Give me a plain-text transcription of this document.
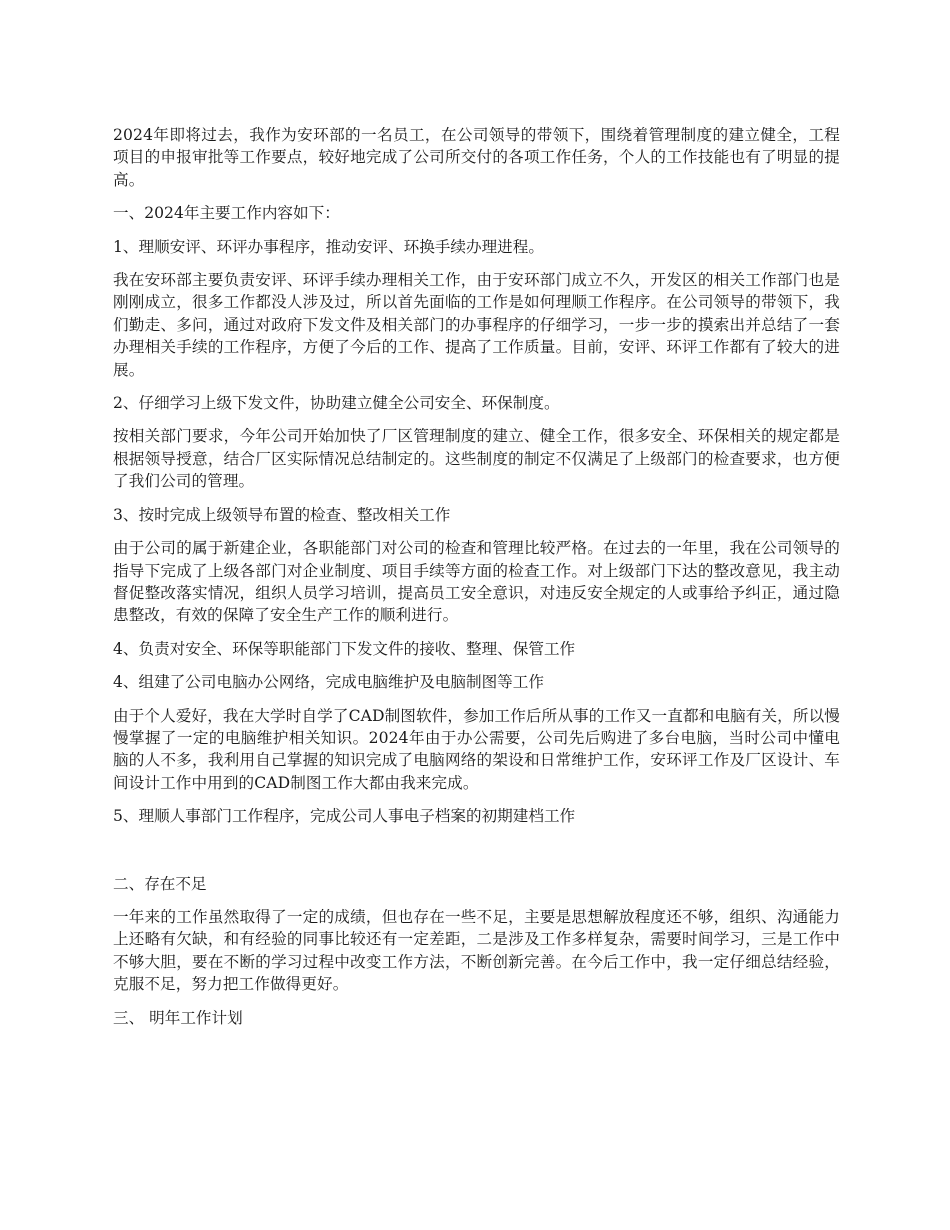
2024年即将过去，我作为安环部的一名员工，在公司领导的带领下，围绕着管理制度的建立健全，工程项目的申报审批等工作要点，较好地完成了公司所交付的各项工作任务，个人的工作技能也有了明显的提高。

一、2024年主要工作内容如下：

1、理顺安评、环评办事程序，推动安评、环换手续办理进程。

我在安环部主要负责安评、环评手续办理相关工作，由于安环部门成立不久，开发区的相关工作部门也是刚刚成立，很多工作都没人涉及过，所以首先面临的工作是如何理顺工作程序。在公司领导的带领下，我们勤走、多问，通过对政府下发文件及相关部门的办事程序的仔细学习，一步一步的摸索出并总结了一套办理相关手续的工作程序，方便了今后的工作、提高了工作质量。目前，安评、环评工作都有了较大的进展。

2、仔细学习上级下发文件，协助建立健全公司安全、环保制度。

按相关部门要求，今年公司开始加快了厂区管理制度的建立、健全工作，很多安全、环保相关的规定都是根据领导授意，结合厂区实际情况总结制定的。这些制度的制定不仅满足了上级部门的检查要求，也方便了我们公司的管理。

3、按时完成上级领导布置的检查、整改相关工作

由于公司的属于新建企业，各职能部门对公司的检查和管理比较严格。在过去的一年里，我在公司领导的指导下完成了上级各部门对企业制度、项目手续等方面的检查工作。对上级部门下达的整改意见，我主动督促整改落实情况，组织人员学习培训，提高员工安全意识，对违反安全规定的人或事给予纠正，通过隐患整改，有效的保障了安全生产工作的顺利进行。

4、负责对安全、环保等职能部门下发文件的接收、整理、保管工作

4、组建了公司电脑办公网络，完成电脑维护及电脑制图等工作

由于个人爱好，我在大学时自学了CAD制图软件，参加工作后所从事的工作又一直都和电脑有关，所以慢慢掌握了一定的电脑维护相关知识。2024年由于办公需要，公司先后购进了多台电脑，当时公司中懂电脑的人不多，我利用自己掌握的知识完成了电脑网络的架设和日常维护工作，安环评工作及厂区设计、车间设计工作中用到的CAD制图工作大都由我来完成。

5、理顺人事部门工作程序，完成公司人事电子档案的初期建档工作

二、存在不足

一年来的工作虽然取得了一定的成绩，但也存在一些不足，主要是思想解放程度还不够，组织、沟通能力上还略有欠缺，和有经验的同事比较还有一定差距，二是涉及工作多样复杂，需要时间学习，三是工作中不够大胆，要在不断的学习过程中改变工作方法，不断创新完善。在今后工作中，我一定仔细总结经验，克服不足，努力把工作做得更好。

三、 明年工作计划
